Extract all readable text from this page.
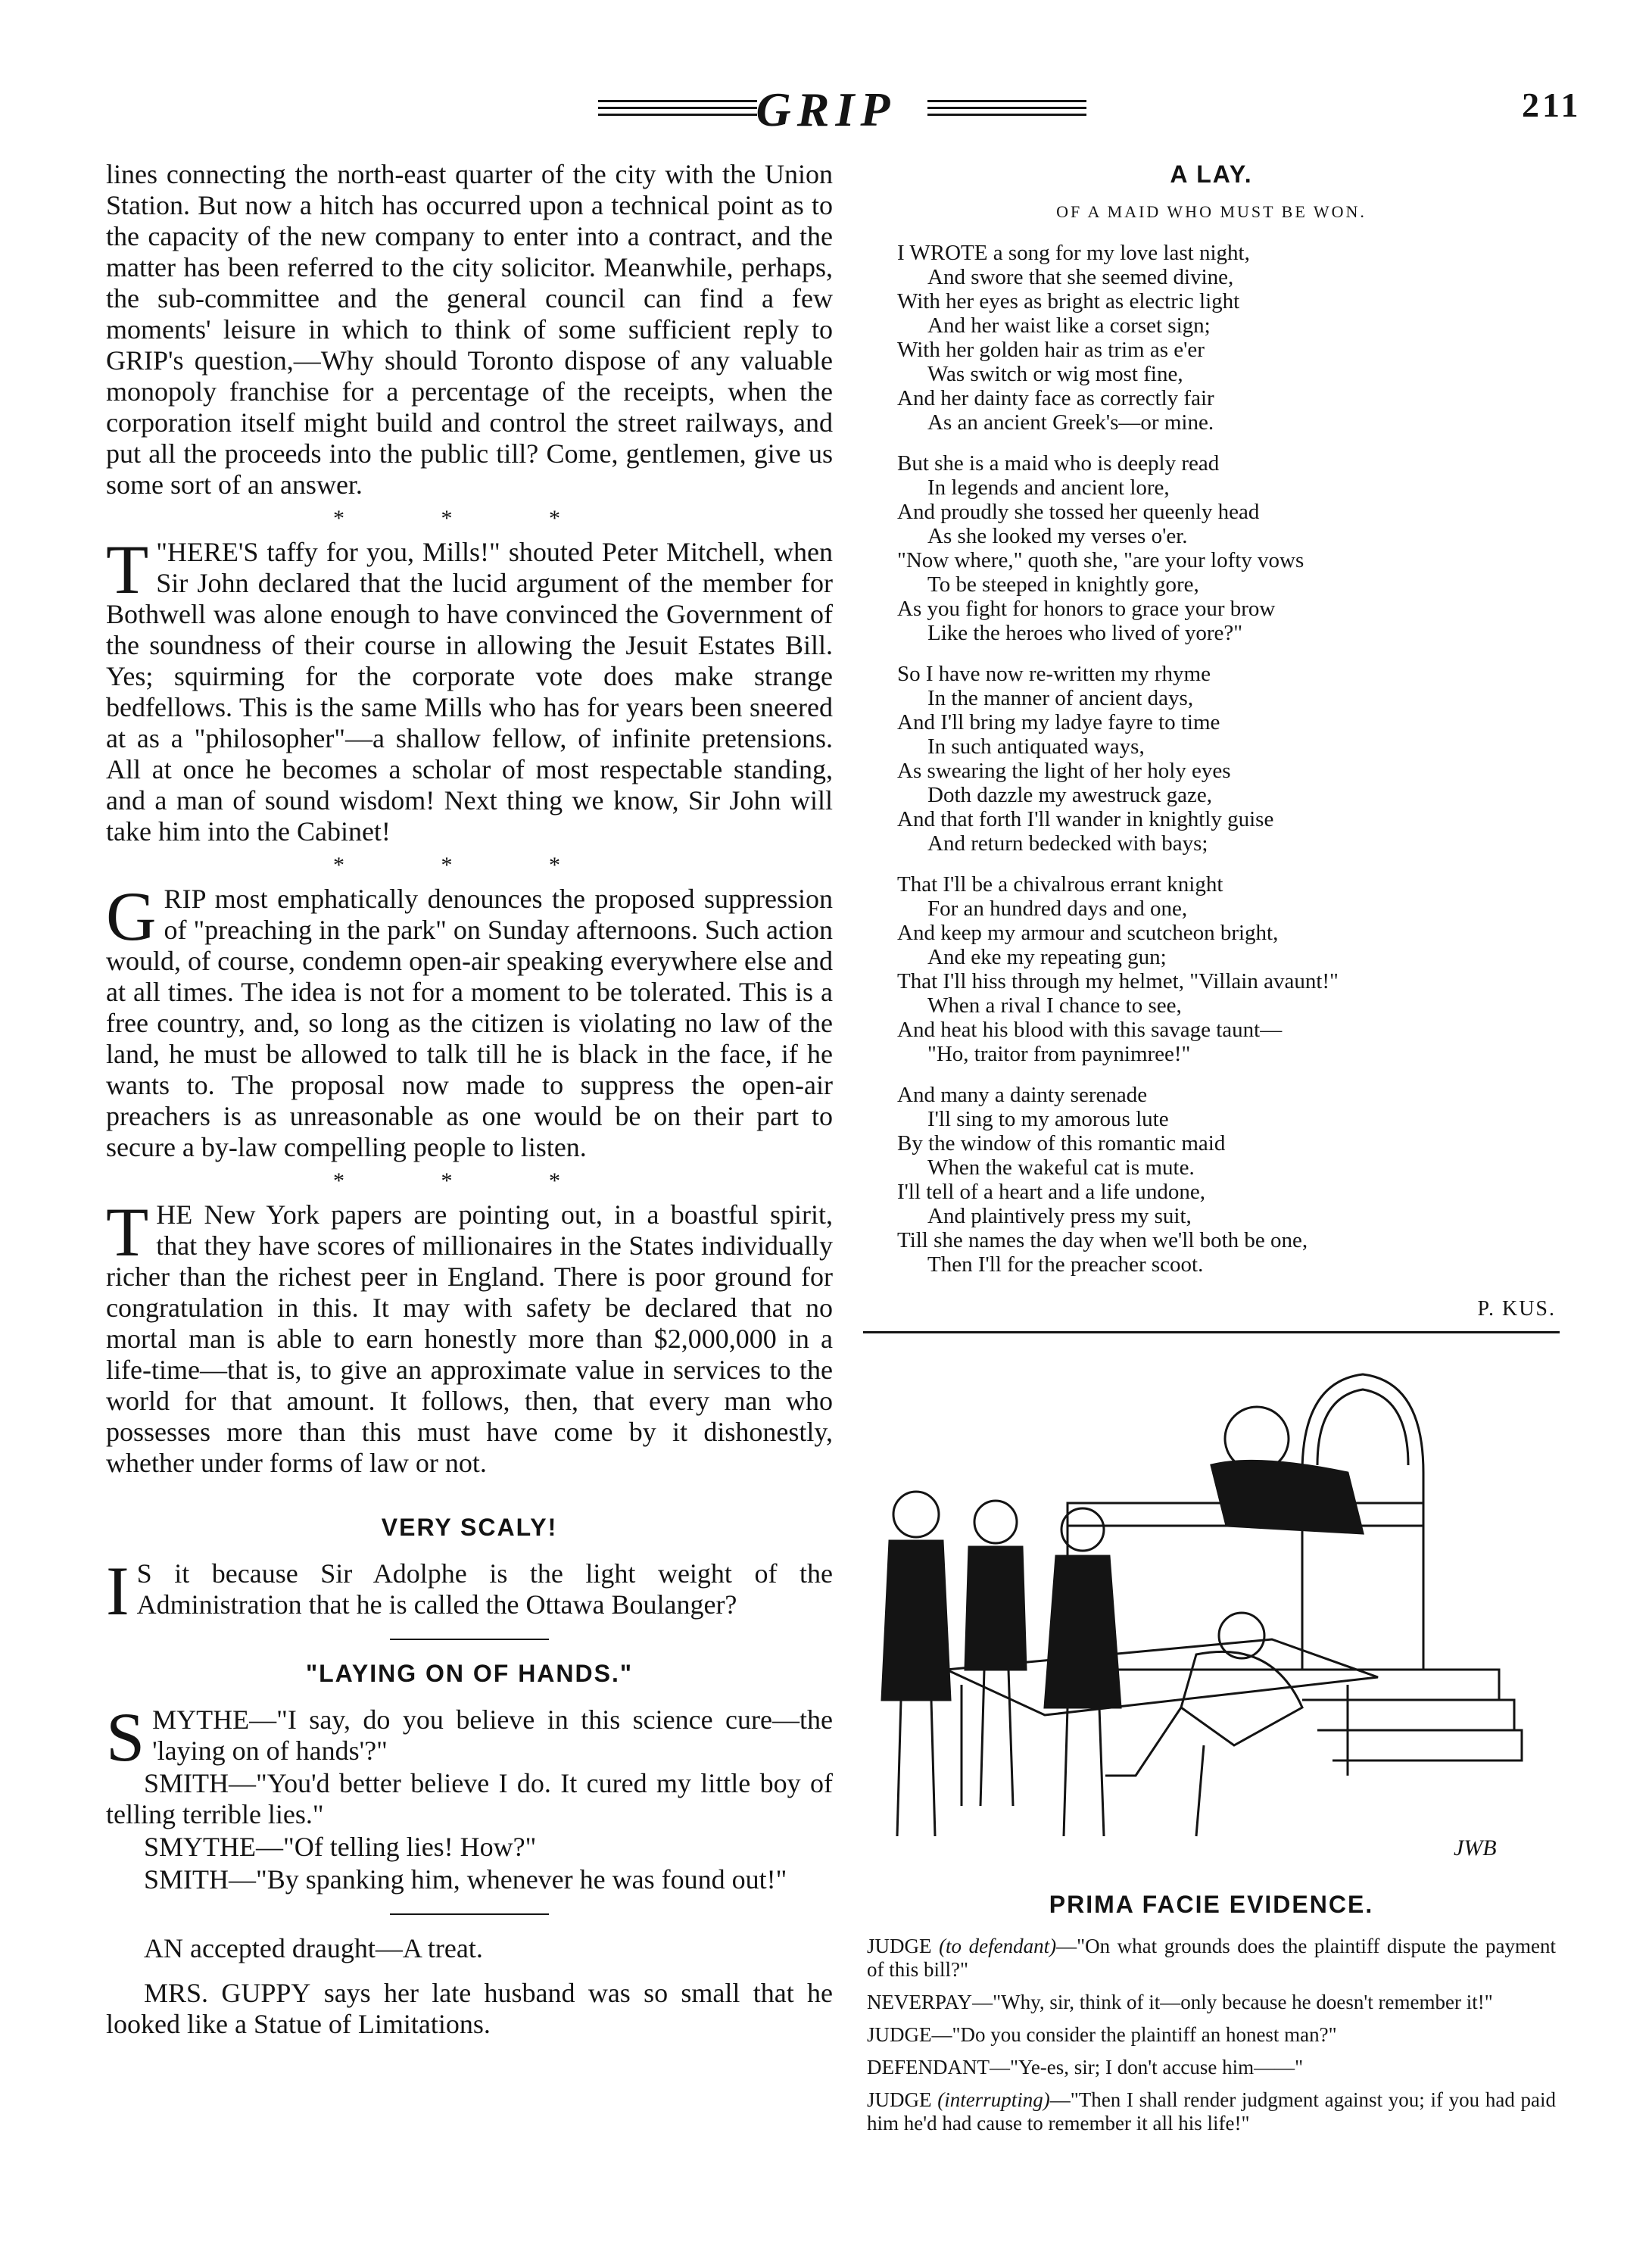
GRIP	211

lines connecting the north-east quarter of the city with the Union Station. But now a hitch has occurred upon a technical point as to the capacity of the new company to enter into a contract, and the matter has been referred to the city solicitor. Meanwhile, perhaps, the sub-committee and the general council can find a few moments' leisure in which to think of some sufficient reply to GRIP's question,—Why should Toronto dispose of any valuable monopoly franchise for a percentage of the receipts, when the corporation itself might build and control the street railways, and put all the proceeds into the public till? Come, gentlemen, give us some sort of an answer.

* * *

"
T HERE'S taffy for you, Mills!" shouted Peter Mitchell, when Sir John declared that the lucid argument of the member for Bothwell was alone enough to have convinced the Government of the soundness of their course in allowing the Jesuit Estates Bill. Yes; squirming for the corporate vote does make strange bedfellows. This is the same Mills who has for years been sneered at as a "philosopher"—a shallow fellow, of infinite pretensions. All at once he becomes a scholar of most respectable standing, and a man of sound wisdom! Next thing we know, Sir John will take him into the Cabinet!

* * *

GRIP most emphatically denounces the proposed suppression of "preaching in the park" on Sunday afternoons. Such action would, of course, condemn open-air speaking everywhere else and at all times. The idea is not for a moment to be tolerated. This is a free country, and, so long as the citizen is violating no law of the land, he must be allowed to talk till he is black in the face, if he wants to. The proposal now made to suppress the open-air preachers is as unreasonable as one would be on their part to secure a by-law compelling people to listen.

* * *

THE New York papers are pointing out, in a boastful spirit, that they have scores of millionaires in the States individually richer than the richest peer in England. There is poor ground for congratulation in this. It may with safety be declared that no mortal man is able to earn honestly more than $2,000,000 in a life-time—that is, to give an approximate value in services to the world for that amount. It follows, then, that every man who possesses more than this must have come by it dishonestly, whether under forms of law or not.

VERY SCALY!

I S it because Sir Adolphe is the light weight of the Administration that he is called the Ottawa Boulanger?

"LAYING ON OF HANDS."

SMYTHE—"I say, do you believe in this science cure—the 'laying on of hands'?"

SMITH—"You'd better believe I do. It cured my little boy of telling terrible lies."

SMYTHE—"Of telling lies! How?"

SMITH—"By spanking him, whenever he was found out!"

AN accepted draught—A treat.

MRS. GUPPY says her late husband was so small that he looked like a Statue of Limitations.

A LAY.
OF A MAID WHO MUST BE WON.

I WROTE a song for my love last night,

And swore that she seemed divine,

With her eyes as bright as electric light

And her waist like a corset sign;

With her golden hair as trim as e'er

Was switch or wig most fine,

And her dainty face as correctly fair

As an ancient Greek's—or mine.

But she is a maid who is deeply read

In legends and ancient lore,

And proudly she tossed her queenly head

As she looked my verses o'er.

"Now where," quoth she, "are your lofty vows

To be steeped in knightly gore,

As you fight for honors to grace your brow

Like the heroes who lived of yore?"

So I have now re-written my rhyme

In the manner of ancient days,

And I'll bring my ladye fayre to time

In such antiquated ways,

As swearing the light of her holy eyes

Doth dazzle my awestruck gaze,

And that forth I'll wander in knightly guise

And return bedecked with bays;

That I'll be a chivalrous errant knight

For an hundred days and one,

And keep my armour and scutcheon bright,

And eke my repeating gun;

That I'll hiss through my helmet, "Villain avaunt!"

When a rival I chance to see,

And heat his blood with this savage taunt—

"Ho, traitor from paynimree!"

And many a dainty serenade

I'll sing to my amorous lute

By the window of this romantic maid

When the wakeful cat is mute.

I'll tell of a heart and a life undone,

And plaintively press my suit,

Till she names the day when we'll both be one,

Then I'll for the preacher scoot.

P. KUS.
JWB
PRIMA FACIE EVIDENCE.

JUDGE (to defendant)—"On what grounds does the plaintiff dispute the payment of this bill?"

NEVERPAY—"Why, sir, think of it—only because he doesn't remember it!"

JUDGE—"Do you consider the plaintiff an honest man?"

DEFENDANT—"Ye-es, sir; I don't accuse him——"

JUDGE (interrupting)—"Then I shall render judgment against you; if you had paid him he'd had cause to remember it all his life!"
